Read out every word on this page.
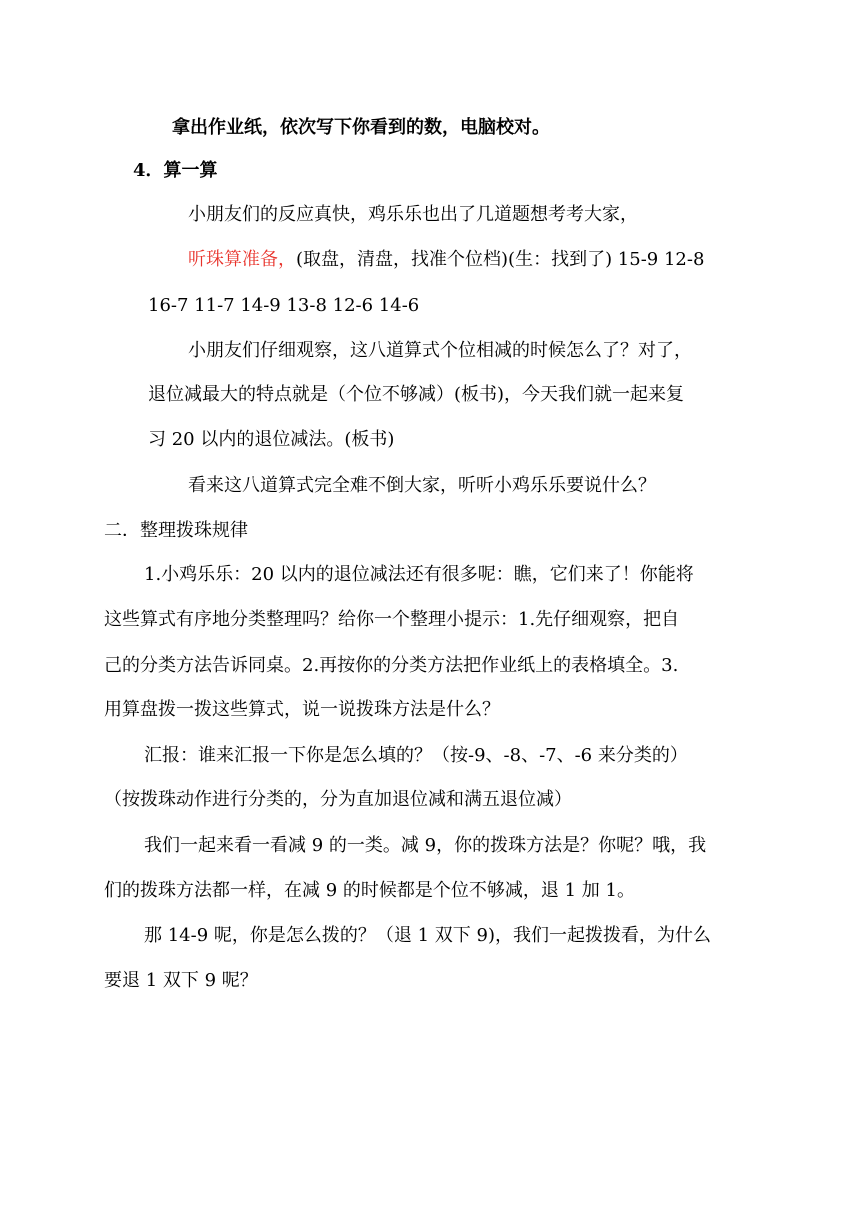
拿出作业纸，依次写下你看到的数，电脑校对。
4．算一算
小朋友们的反应真快，鸡乐乐也出了几道题想考考大家，
听珠算准备，(取盘，清盘，找准个位档)(生：找到了) 15-9 12-8
16-7 11-7 14-9 13-8 12-6 14-6
小朋友们仔细观察，这八道算式个位相减的时候怎么了？对了，
退位减最大的特点就是（个位不够减）(板书)，今天我们就一起来复
习 20 以内的退位减法。(板书)
看来这八道算式完全难不倒大家，听听小鸡乐乐要说什么？
二．整理拨珠规律
1.小鸡乐乐：20 以内的退位减法还有很多呢：瞧，它们来了！你能将
这些算式有序地分类整理吗？给你一个整理小提示：1.先仔细观察，把自
己的分类方法告诉同桌。2.再按你的分类方法把作业纸上的表格填全。3.
用算盘拨一拨这些算式，说一说拨珠方法是什么？
汇报：谁来汇报一下你是怎么填的？（按-9、-8、-7、-6 来分类的）
（按拨珠动作进行分类的，分为直加退位减和满五退位减）
我们一起来看一看减 9 的一类。减 9，你的拨珠方法是？你呢？哦，我
们的拨珠方法都一样，在减 9 的时候都是个位不够减，退 1 加 1。
那 14-9 呢，你是怎么拨的？（退 1 双下 9)，我们一起拨拨看，为什么
要退 1 双下 9 呢？
